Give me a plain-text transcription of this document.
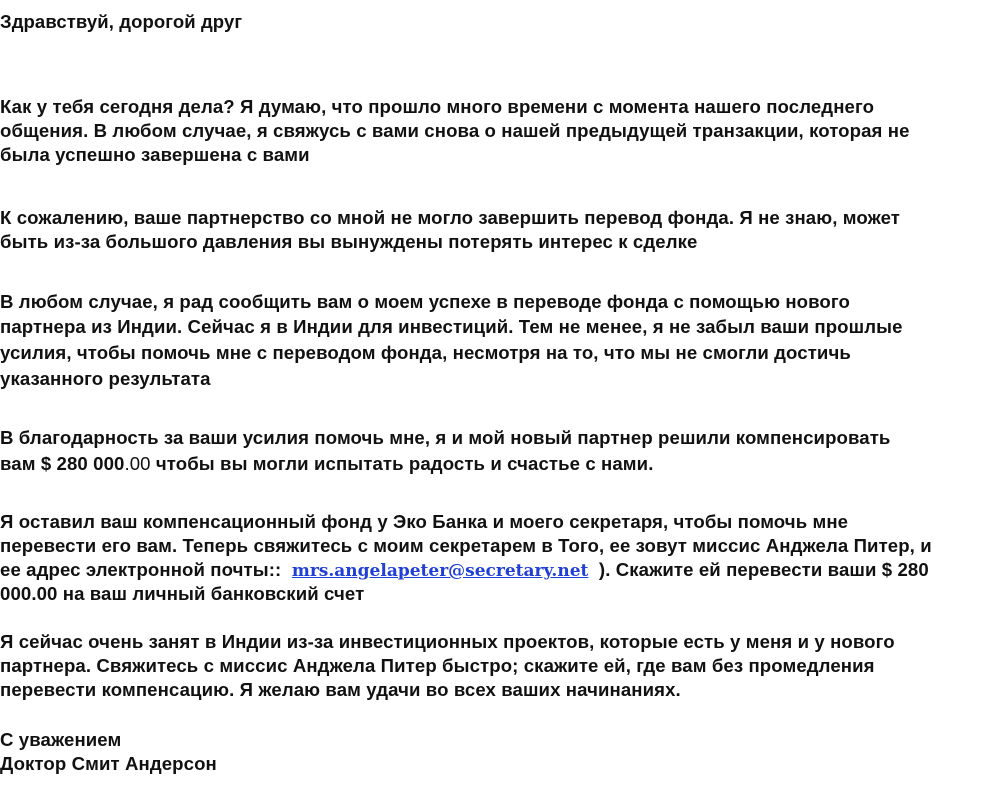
Здравствуй, дорогой друг
Как у тебя сегодня дела? Я думаю, что прошло много времени с момента нашего последнего
общения. В любом случае, я свяжусь с вами снова о нашей предыдущей транзакции, которая не
была успешно завершена с вами
К сожалению, ваше партнерство со мной не могло завершить перевод фонда. Я не знаю, может
быть из-за большого давления вы вынуждены потерять интерес к сделке
В любом случае, я рад сообщить вам о моем успехе в переводе фонда с помощью нового
партнера из Индии. Сейчас я в Индии для инвестиций. Тем не менее, я не забыл ваши прошлые
усилия, чтобы помочь мне с переводом фонда, несмотря на то, что мы не смогли достичь
указанного результата
В благодарность за ваши усилия помочь мне, я и мой новый партнер решили компенсировать
вам $ 280 000.00 чтобы вы могли испытать радость и счастье с нами.
Я оставил ваш компенсационный фонд у Эко Банка и моего секретаря, чтобы помочь мне
перевести его вам. Теперь свяжитесь с моим секретарем в Того, ее зовут миссис Анджела Питер, и
ее адрес электронной почты::  mrs.angelapeter@secretary.net  ). Скажите ей перевести ваши $ 280
000.00 на ваш личный банковский счет
Я сейчас очень занят в Индии из-за инвестиционных проектов, которые есть у меня и у нового
партнера. Свяжитесь с миссис Анджела Питер быстро; скажите ей, где вам без промедления
перевести компенсацию. Я желаю вам удачи во всех ваших начинаниях.
С уважением
Доктор Смит Андерсон
